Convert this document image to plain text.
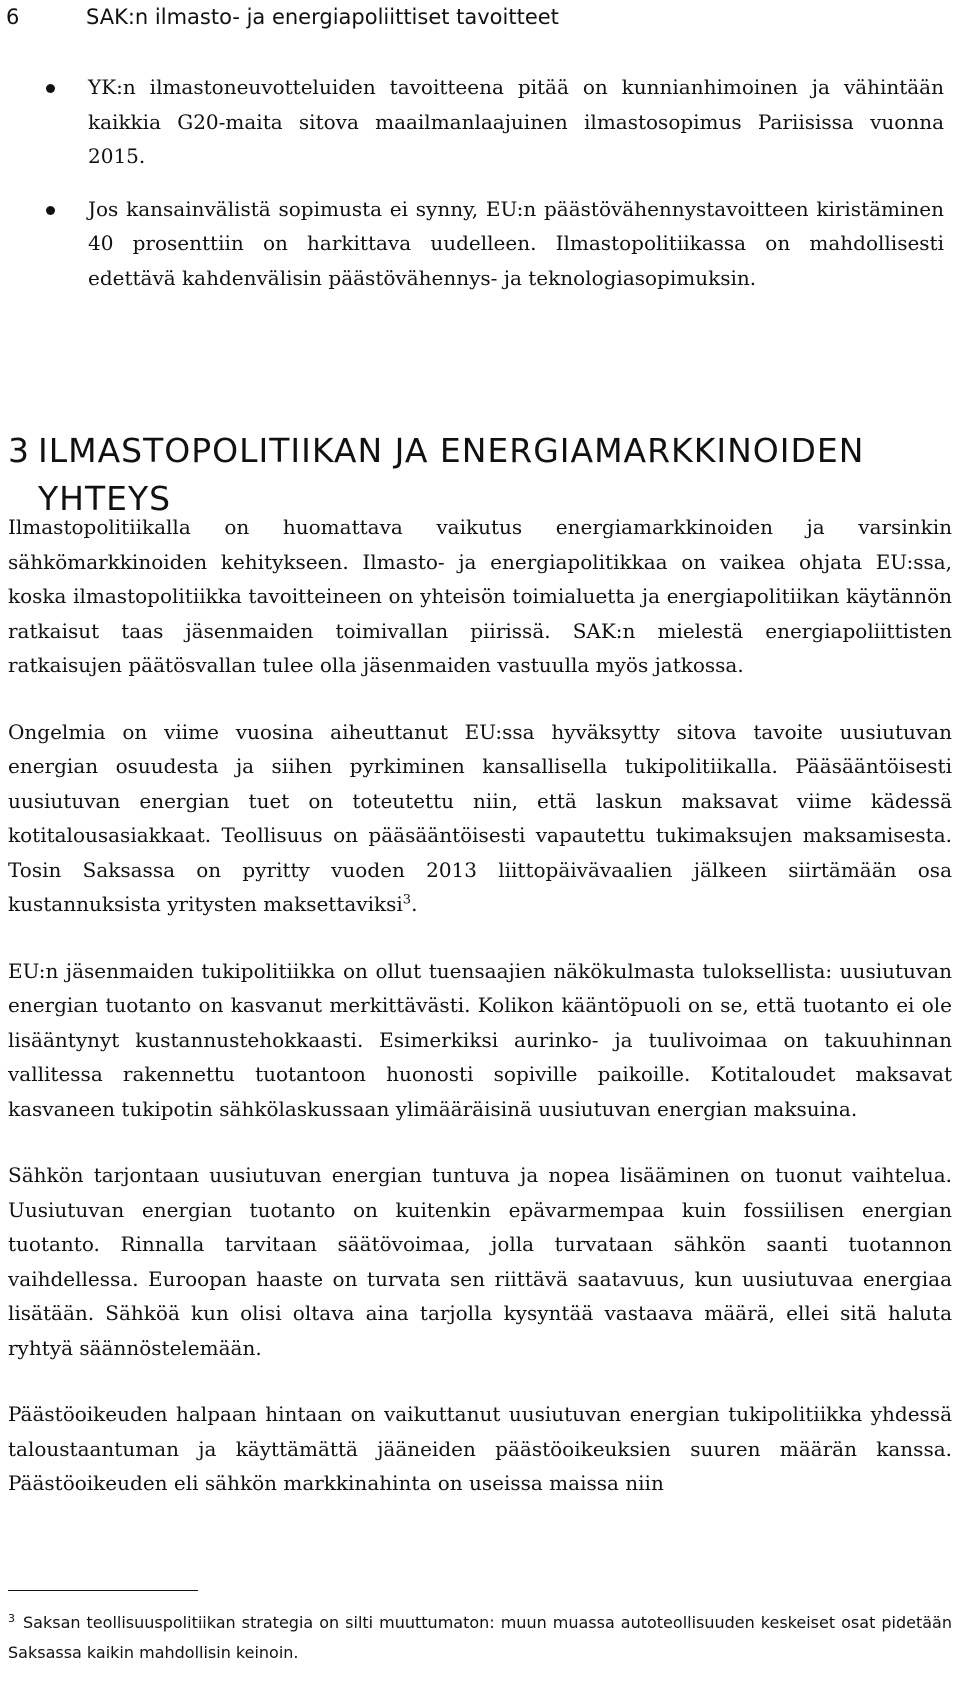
6	SAK:n ilmasto- ja energiapoliittiset tavoitteet
YK:n ilmastoneuvotteluiden tavoitteena pitää on kunnianhimoinen ja vähintään kaikkia G20-maita sitova maailmanlaajuinen ilmastosopimus Pariisissa vuonna 2015.
Jos kansainvälistä sopimusta ei synny, EU:n päästövähennystavoitteen kiristäminen 40 prosenttiin on harkittava uudelleen. Ilmastopolitiikassa on mahdollisesti edettävä kahdenvälisin päästövähennys- ja teknologiasopimuksin.
3 ILMASTOPOLITIIKAN JA ENERGIAMARKKINOIDEN YHTEYS

Ilmastopolitiikalla on huomattava vaikutus energiamarkkinoiden ja varsinkin sähkömarkkinoiden kehitykseen. Ilmasto- ja energiapolitikkaa on vaikea ohjata EU:ssa, koska ilmastopolitiikka tavoitteineen on yhteisön toimialuetta ja energiapolitiikan käytännön ratkaisut taas jäsenmaiden toimivallan piirissä. SAK:n mielestä energiapoliittisten ratkaisujen päätösvallan tulee olla jäsenmaiden vastuulla myös jatkossa.

Ongelmia on viime vuosina aiheuttanut EU:ssa hyväksytty sitova tavoite uusiutuvan energian osuudesta ja siihen pyrkiminen kansallisella tukipolitiikalla. Pääsääntöisesti uusiutuvan energian tuet on toteutettu niin, että laskun maksavat viime kädessä kotitalousasiakkaat. Teollisuus on pääsääntöisesti vapautettu tukimaksujen maksamisesta. Tosin Saksassa on pyritty vuoden 2013 liittopäivävaalien jälkeen siirtämään osa kustannuksista yritysten maksettaviksi$^3$.

EU:n jäsenmaiden tukipolitiikka on ollut tuensaajien näkökulmasta tuloksellista: uusiutuvan energian tuotanto on kasvanut merkittävästi. Kolikon kääntöpuoli on se, että tuotanto ei ole lisääntynyt kustannustehokkaasti. Esimerkiksi aurinko- ja tuulivoimaa on takuuhinnan vallitessa rakennettu tuotantoon huonosti sopiville paikoille. Kotitaloudet maksavat kasvaneen tukipotin sähkölaskussaan ylimääräisinä uusiutuvan energian maksuina.

Sähkön tarjontaan uusiutuvan energian tuntuva ja nopea lisääminen on tuonut vaihtelua. Uusiutuvan energian tuotanto on kuitenkin epävarmempaa kuin fossiilisen energian tuotanto. Rinnalla tarvitaan säätövoimaa, jolla turvataan sähkön saanti tuotannon vaihdellessa. Euroopan haaste on turvata sen riittävä saatavuus, kun uusiutuvaa energiaa lisätään. Sähköä kun olisi oltava aina tarjolla kysyntää vastaava määrä, ellei sitä haluta ryhtyä säännöstelemään.

Päästöoikeuden halpaan hintaan on vaikuttanut uusiutuvan energian tukipolitiikka yhdessä taloustaantuman ja käyttämättä jääneiden päästöoikeuksien suuren määrän kanssa. Päästöoikeuden eli sähkön markkinahinta on useissa maissa niin

$^3$ Saksan teollisuuspolitiikan strategia on silti muuttumaton: muun muassa autoteollisuuden keskeiset osat pidetään Saksassa kaikin mahdollisin keinoin.
